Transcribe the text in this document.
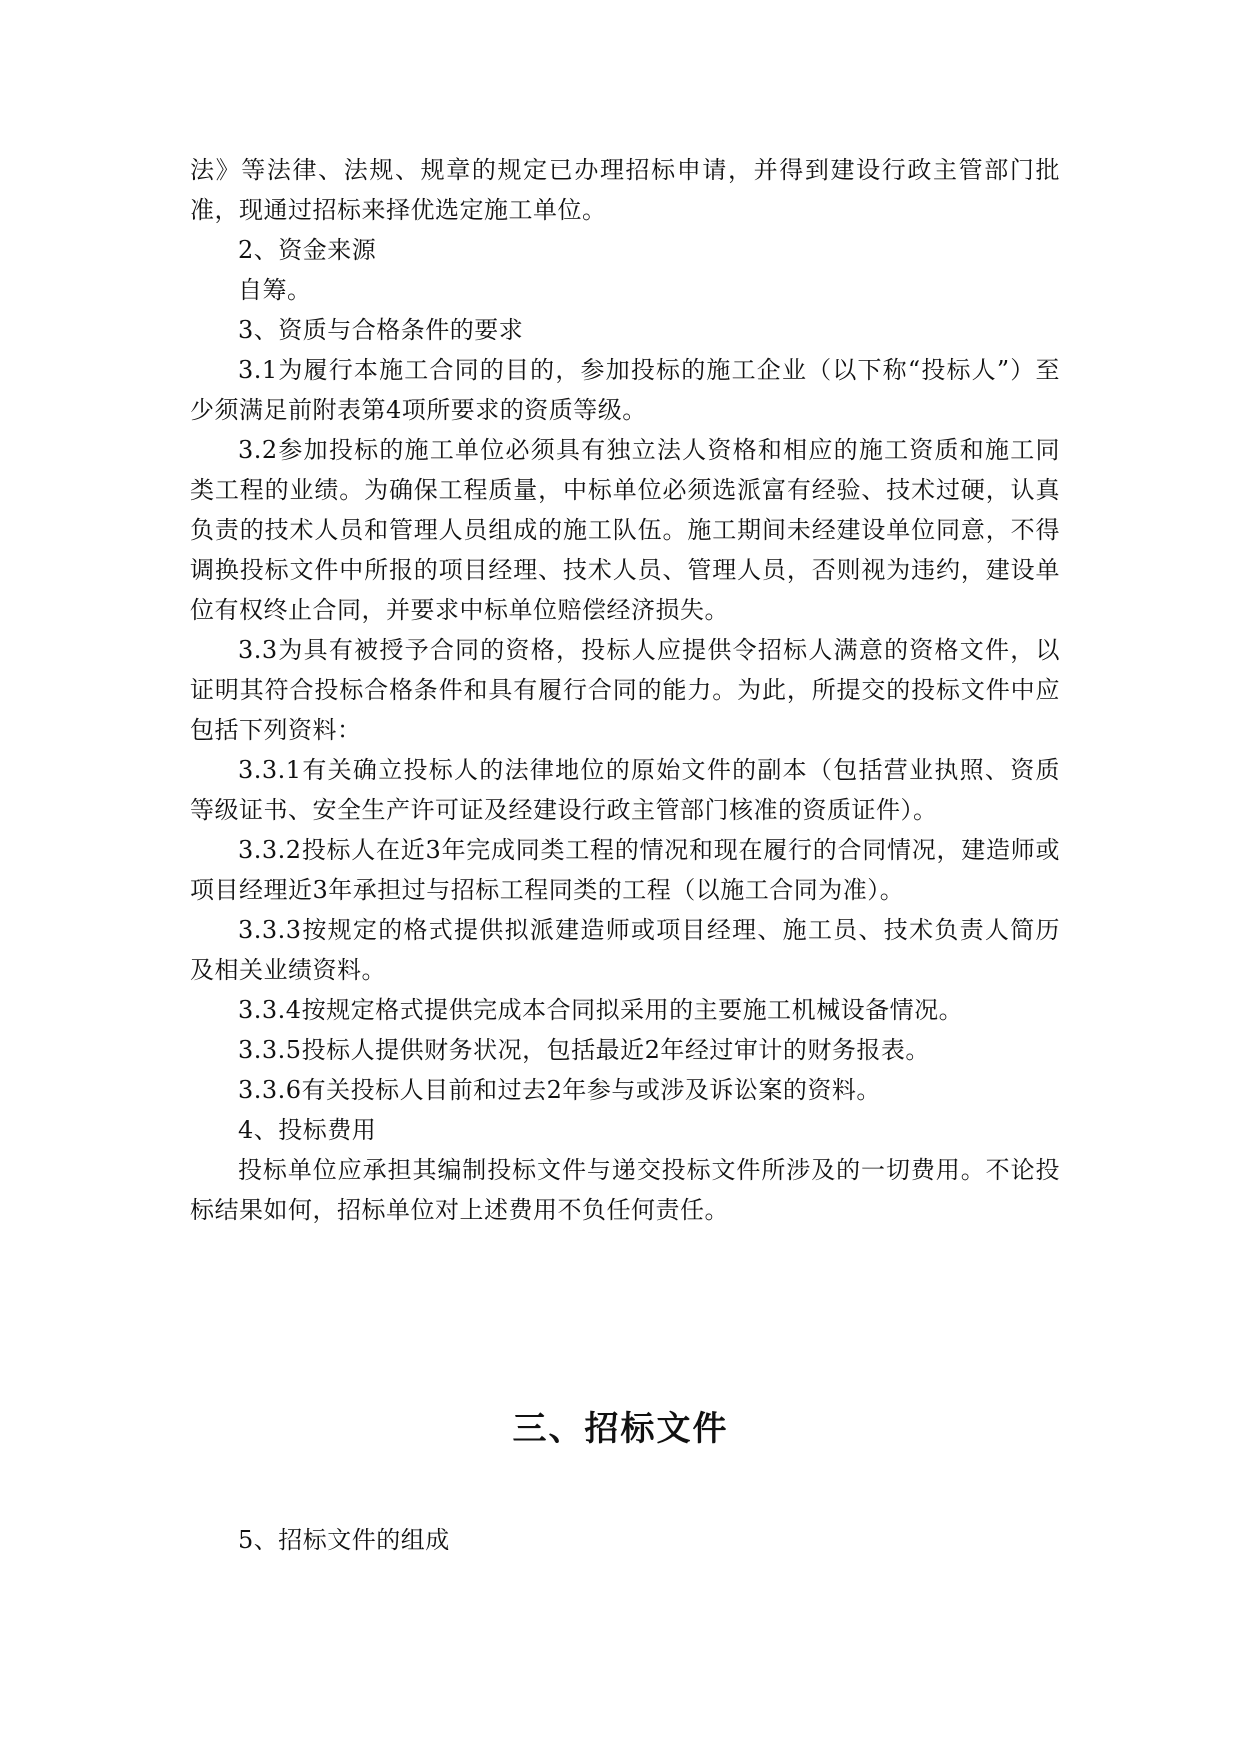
法》等法律、法规、规章的规定已办理招标申请，并得到建设行政主管部门批准，现通过招标来择优选定施工单位。

2、资金来源

自筹。

3、资质与合格条件的要求

3.1为履行本施工合同的目的，参加投标的施工企业（以下称“投标人”）至少须满足前附表第4项所要求的资质等级。

3.2参加投标的施工单位必须具有独立法人资格和相应的施工资质和施工同类工程的业绩。为确保工程质量，中标单位必须选派富有经验、技术过硬，认真负责的技术人员和管理人员组成的施工队伍。施工期间未经建设单位同意，不得调换投标文件中所报的项目经理、技术人员、管理人员，否则视为违约，建设单位有权终止合同，并要求中标单位赔偿经济损失。

3.3为具有被授予合同的资格，投标人应提供令招标人满意的资格文件，以证明其符合投标合格条件和具有履行合同的能力。为此，所提交的投标文件中应包括下列资料：

3.3.1有关确立投标人的法律地位的原始文件的副本（包括营业执照、资质等级证书、安全生产许可证及经建设行政主管部门核准的资质证件）。

3.3.2投标人在近3年完成同类工程的情况和现在履行的合同情况，建造师或项目经理近3年承担过与招标工程同类的工程（以施工合同为准）。

3.3.3按规定的格式提供拟派建造师或项目经理、施工员、技术负责人简历及相关业绩资料。

3.3.4按规定格式提供完成本合同拟采用的主要施工机械设备情况。

3.3.5投标人提供财务状况，包括最近2年经过审计的财务报表。

3.3.6有关投标人目前和过去2年参与或涉及诉讼案的资料。

4、投标费用

投标单位应承担其编制投标文件与递交投标文件所涉及的一切费用。不论投标结果如何，招标单位对上述费用不负任何责任。

三、招标文件

5、招标文件的组成
